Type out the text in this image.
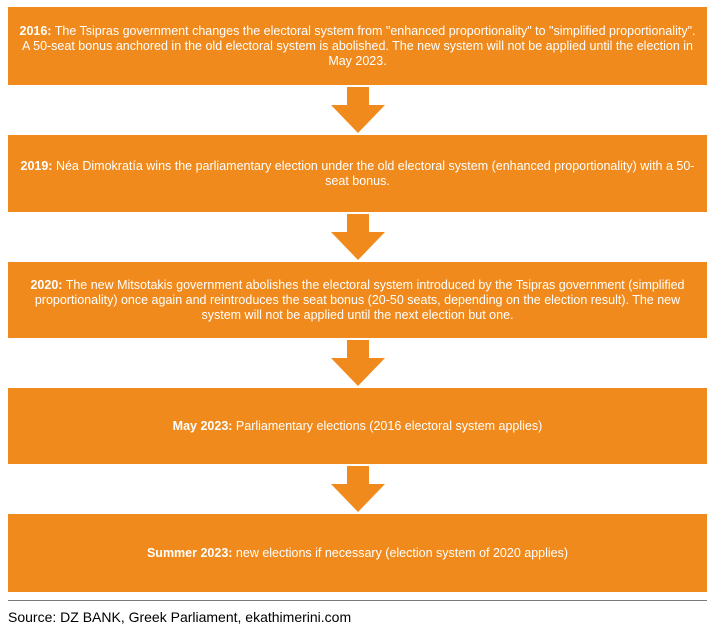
2016: The Tsipras government changes the electoral system from "enhanced proportionality" to "simplified proportionality". A 50-seat bonus anchored in the old electoral system is abolished. The new system will not be applied until the election in May 2023.
2019: Néa Dimokratía wins the parliamentary election under the old electoral system (enhanced proportionality) with a 50-seat bonus.
2020: The new Mitsotakis government abolishes the electoral system introduced by the Tsipras government (simplified proportionality) once again and reintroduces the seat bonus (20-50 seats, depending on the election result). The new system will not be applied until the next election but one.
May 2023: Parliamentary elections (2016 electoral system applies)
Summer 2023: new elections if necessary (election system of 2020 applies)
Source: DZ BANK, Greek Parliament, ekathimerini.com
